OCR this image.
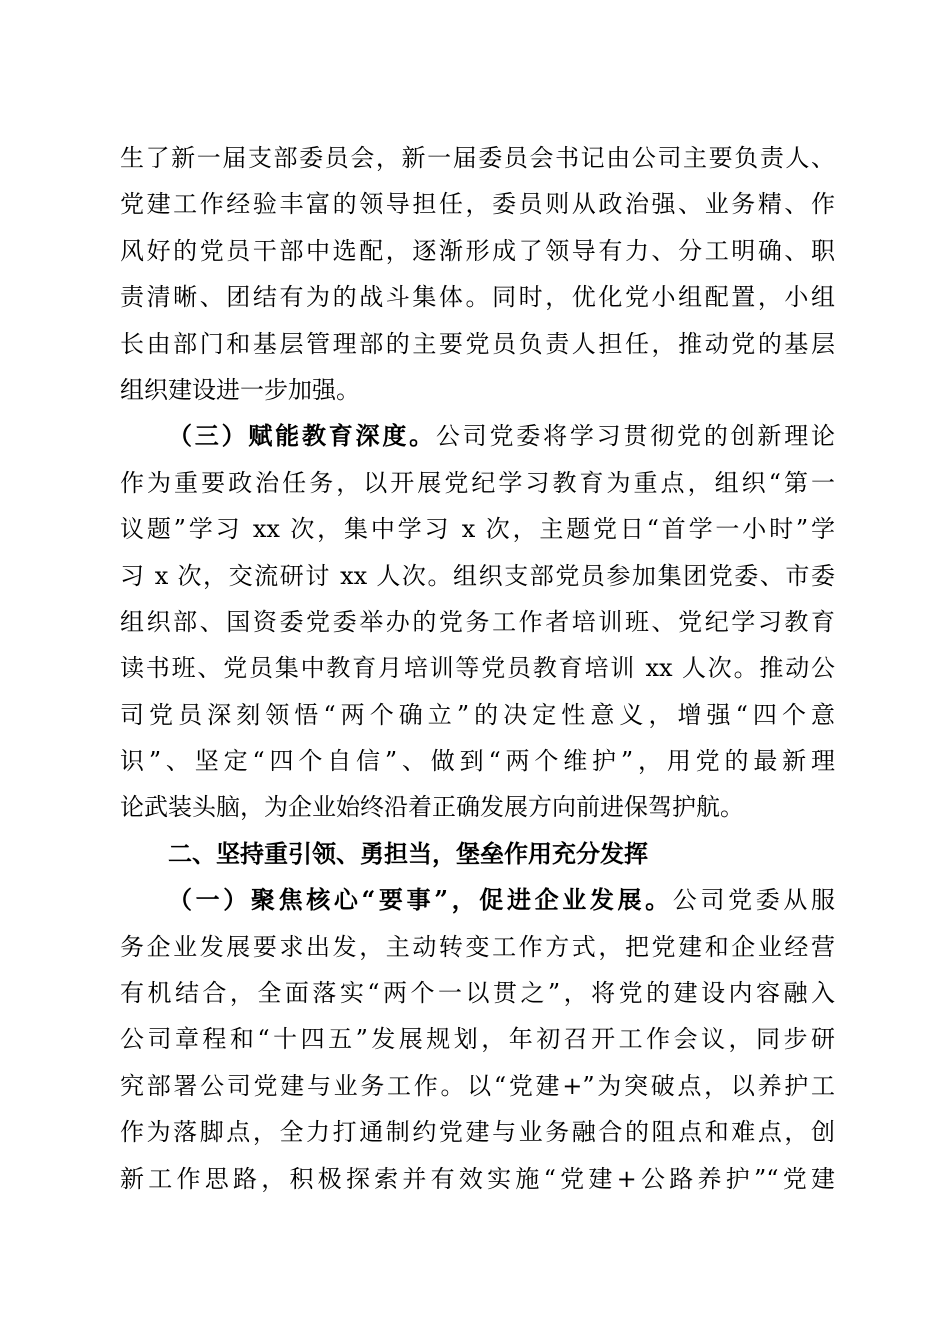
生了新一届支部委员会，新一届委员会书记由公司主要负责人、
党建工作经验丰富的领导担任，委员则从政治强、业务精、作
风好的党员干部中选配，逐渐形成了领导有力、分工明确、职
责清晰、团结有为的战斗集体。同时，优化党小组配置，小组
长由部门和基层管理部的主要党员负责人担任，推动党的基层
组织建设进一步加强。
（三）赋能教育深度。公司党委将学习贯彻党的创新理论
作为重要政治任务，以开展党纪学习教育为重点，组织“第一
议题”学习 xx 次，集中学习 x 次，主题党日“首学一小时”学
习 x 次，交流研讨 xx 人次。组织支部党员参加集团党委、市委
组织部、国资委党委举办的党务工作者培训班、党纪学习教育
读书班、党员集中教育月培训等党员教育培训 xx 人次。推动公
司党员深刻领悟“两个确立”的决定性意义，增强“四个意
识”、坚定“四个自信”、做到“两个维护”，用党的最新理
论武装头脑，为企业始终沿着正确发展方向前进保驾护航。
二、坚持重引领、勇担当，堡垒作用充分发挥
（一）聚焦核心“要事”，促进企业发展。公司党委从服
务企业发展要求出发，主动转变工作方式，把党建和企业经营
有机结合，全面落实“两个一以贯之”，将党的建设内容融入
公司章程和“十四五”发展规划，年初召开工作会议，同步研
究部署公司党建与业务工作。以“党建+”为突破点，以养护工
作为落脚点，全力打通制约党建与业务融合的阻点和难点，创
新工作思路，积极探索并有效实施“党建+公路养护”“党建
